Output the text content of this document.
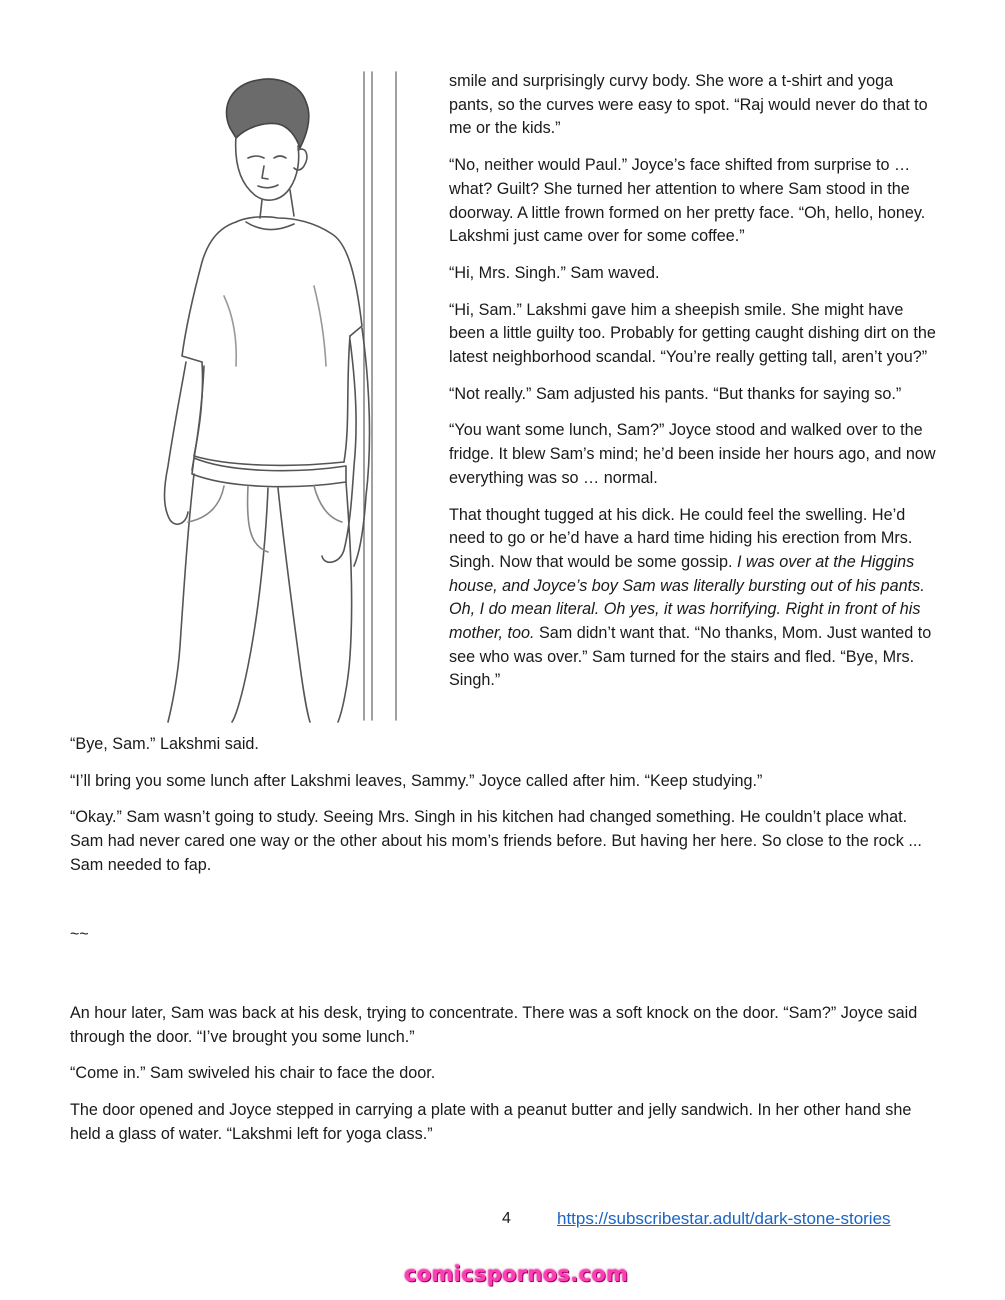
smile and surprisingly curvy body. She wore a t-shirt and yoga pants, so the curves were easy to spot. “Raj would never do that to me or the kids.”

“No, neither would Paul.” Joyce’s face shifted from surprise to … what? Guilt? She turned her attention to where Sam stood in the doorway. A little frown formed on her pretty face. “Oh, hello, honey. Lakshmi just came over for some coffee.”

“Hi, Mrs. Singh.” Sam waved.

“Hi, Sam.” Lakshmi gave him a sheepish smile. She might have been a little guilty too. Probably for getting caught dishing dirt on the latest neighborhood scandal. “You’re really getting tall, aren’t you?”

“Not really.” Sam adjusted his pants. “But thanks for saying so.”

“You want some lunch, Sam?” Joyce stood and walked over to the fridge. It blew Sam’s mind; he’d been inside her hours ago, and now everything was so … normal.

That thought tugged at his dick. He could feel the swelling. He’d need to go or he’d have a hard time hiding his erection from Mrs. Singh. Now that would be some gossip. I was over at the Higgins house, and Joyce’s boy Sam was literally bursting out of his pants. Oh, I do mean literal. Oh yes, it was horrifying. Right in front of his mother, too. Sam didn’t want that. “No thanks, Mom. Just wanted to see who was over.” Sam turned for the stairs and fled. “Bye, Mrs. Singh.”

“Bye, Sam.” Lakshmi said.

“I’ll bring you some lunch after Lakshmi leaves, Sammy.” Joyce called after him. “Keep studying.”

“Okay.” Sam wasn’t going to study. Seeing Mrs. Singh in his kitchen had changed something. He couldn’t place what. Sam had never cared one way or the other about his mom’s friends before. But having her here. So close to the rock ... Sam needed to fap.

~~

An hour later, Sam was back at his desk, trying to concentrate. There was a soft knock on the door. “Sam?” Joyce said through the door. “I’ve brought you some lunch.”

“Come in.” Sam swiveled his chair to face the door.

The door opened and Joyce stepped in carrying a plate with a peanut butter and jelly sandwich. In her other hand she held a glass of water. “Lakshmi left for yoga class.”

4	https://subscribestar.adult/dark-stone-stories
comicspornos.com
